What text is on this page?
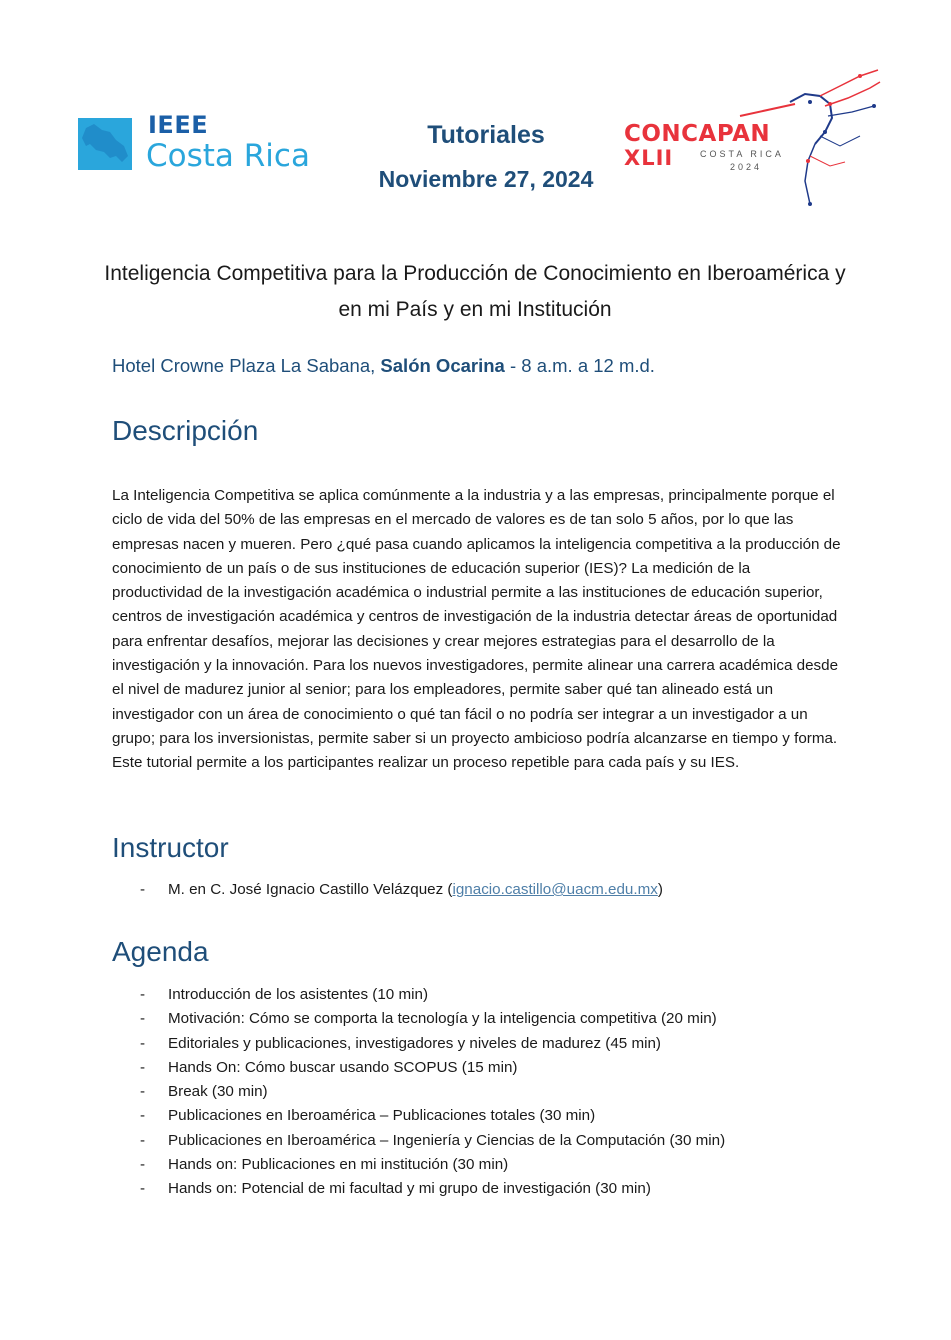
IEEE
Costa Rica
Tutoriales
Noviembre 27, 2024
CONCAPAN
XLII	COSTA RICA
2024
Inteligencia Competitiva para la Producción de Conocimiento en Iberoamérica y en mi País y en mi Institución
Hotel Crowne Plaza La Sabana, Salón Ocarina - 8 a.m. a 12 m.d.
Descripción
La Inteligencia Competitiva se aplica comúnmente a la industria y a las empresas, principalmente porque el ciclo de vida del 50% de las empresas en el mercado de valores es de tan solo 5 años, por lo que las empresas nacen y mueren. Pero ¿qué pasa cuando aplicamos la inteligencia competitiva a la producción de conocimiento de un país o de sus instituciones de educación superior (IES)? La medición de la productividad de la investigación académica o industrial permite a las instituciones de educación superior, centros de investigación académica y centros de investigación de la industria detectar áreas de oportunidad para enfrentar desafíos, mejorar las decisiones y crear mejores estrategias para el desarrollo de la investigación y la innovación. Para los nuevos investigadores, permite alinear una carrera académica desde el nivel de madurez junior al senior; para los empleadores, permite saber qué tan alineado está un investigador con un área de conocimiento o qué tan fácil o no podría ser integrar a un investigador a un grupo; para los inversionistas, permite saber si un proyecto ambicioso podría alcanzarse en tiempo y forma. Este tutorial permite a los participantes realizar un proceso repetible para cada país y su IES.
Instructor
- M. en C. José Ignacio Castillo Velázquez (ignacio.castillo@uacm.edu.mx)
Agenda
- Introducción de los asistentes (10 min)
- Motivación: Cómo se comporta la tecnología y la inteligencia competitiva (20 min)
- Editoriales y publicaciones, investigadores y niveles de madurez (45 min)
- Hands On: Cómo buscar usando SCOPUS (15 min)
- Break (30 min)
- Publicaciones en Iberoamérica – Publicaciones totales (30 min)
- Publicaciones en Iberoamérica – Ingeniería y Ciencias de la Computación (30 min)
- Hands on: Publicaciones en mi institución (30 min)
- Hands on: Potencial de mi facultad y mi grupo de investigación (30 min)
